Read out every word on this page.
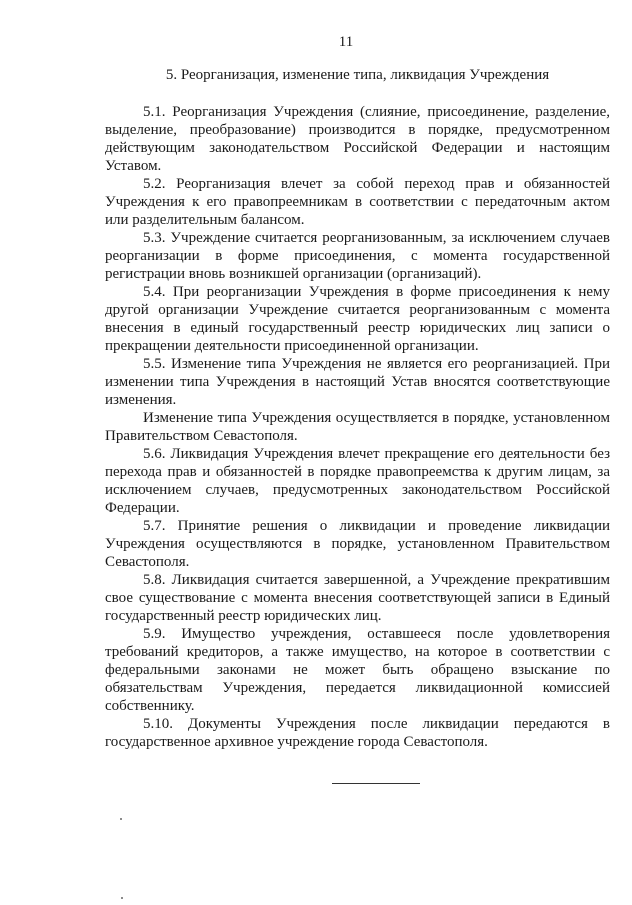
11
5. Реорганизация, изменение типа, ликвидация Учреждения

5.1. Реорганизация Учреждения (слияние, присоединение, разделение, выделение, преобразование) производится в порядке, предусмотренном действующим законодательством Российской Федерации и настоящим Уставом.

5.2. Реорганизация влечет за собой переход прав и обязанностей Учреждения к его правопреемникам в соответствии с передаточным актом или разделительным балансом.

5.3. Учреждение считается реорганизованным, за исключением случаев реорганизации в форме присоединения, с момента государственной регистрации вновь возникшей организации (организаций).

5.4. При реорганизации Учреждения в форме присоединения к нему другой организации Учреждение считается реорганизованным с момента внесения в единый государственный реестр юридических лиц записи о прекращении деятельности присоединенной организации.

5.5. Изменение типа Учреждения не является его реорганизацией. При изменении типа Учреждения в настоящий Устав вносятся соответствующие изменения.

Изменение типа Учреждения осуществляется в порядке, установленном Правительством Севастополя.

5.6. Ликвидация Учреждения влечет прекращение его деятельности без перехода прав и обязанностей в порядке правопреемства к другим лицам, за исключением случаев, предусмотренных законодательством Российской Федерации.

5.7. Принятие решения о ликвидации и проведение ликвидации Учреждения осуществляются в порядке, установленном Правительством Севастополя.

5.8. Ликвидация считается завершенной, а Учреждение прекратившим свое существование с момента внесения соответствующей записи в Единый государственный реестр юридических лиц.

5.9. Имущество учреждения, оставшееся после удовлетворения требований кредиторов, а также имущество, на которое в соответствии с федеральными законами не может быть обращено взыскание по обязательствам Учреждения, передается ликвидационной комиссией собственнику.

5.10. Документы Учреждения после ликвидации передаются в государственное архивное учреждение города Севастополя.
